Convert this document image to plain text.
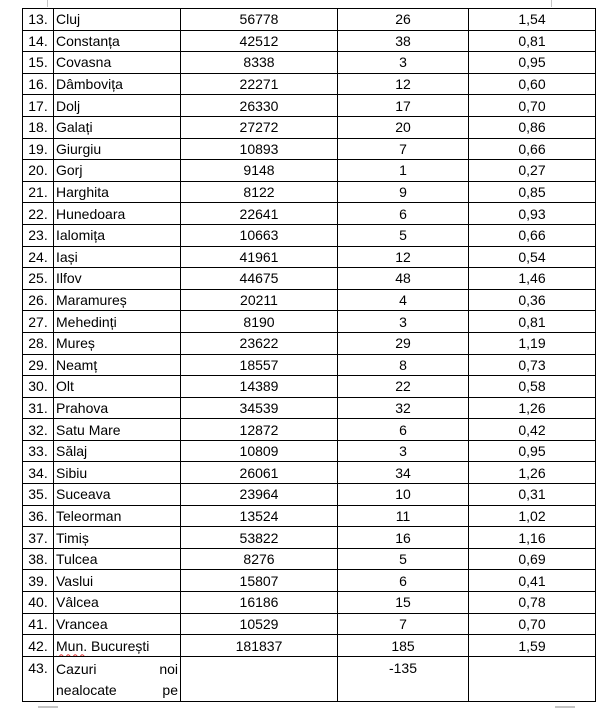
13.	Cluj	56778	26	1,54
14.	Constanța	42512	38	0,81
15.	Covasna	8338	3	0,95
16.	Dâmbovița	22271	12	0,60
17.	Dolj	26330	17	0,70
18.	Galați	27272	20	0,86
19.	Giurgiu	10893	7	0,66
20.	Gorj	9148	1	0,27
21.	Harghita	8122	9	0,85
22.	Hunedoara	22641	6	0,93
23.	Ialomița	10663	5	0,66
24.	Iași	41961	12	0,54
25.	Ilfov	44675	48	1,46
26.	Maramureș	20211	4	0,36
27.	Mehedinți	8190	3	0,81
28.	Mureș	23622	29	1,19
29.	Neamț	18557	8	0,73
30.	Olt	14389	22	0,58
31.	Prahova	34539	32	1,26
32.	Satu Mare	12872	6	0,42
33.	Sălaj	10809	3	0,95
34.	Sibiu	26061	34	1,26
35.	Suceava	23964	10	0,31
36.	Teleorman	13524	11	1,02
37.	Timiș	53822	16	1,16
38.	Tulcea	8276	5	0,69
39.	Vaslui	15807	6	0,41
40.	Vâlcea	16186	15	0,78
41.	Vrancea	10529	7	0,70
42.	Mun. București	181837	185	1,59
43.	Cazuri noi
nealocate pe		-135	
